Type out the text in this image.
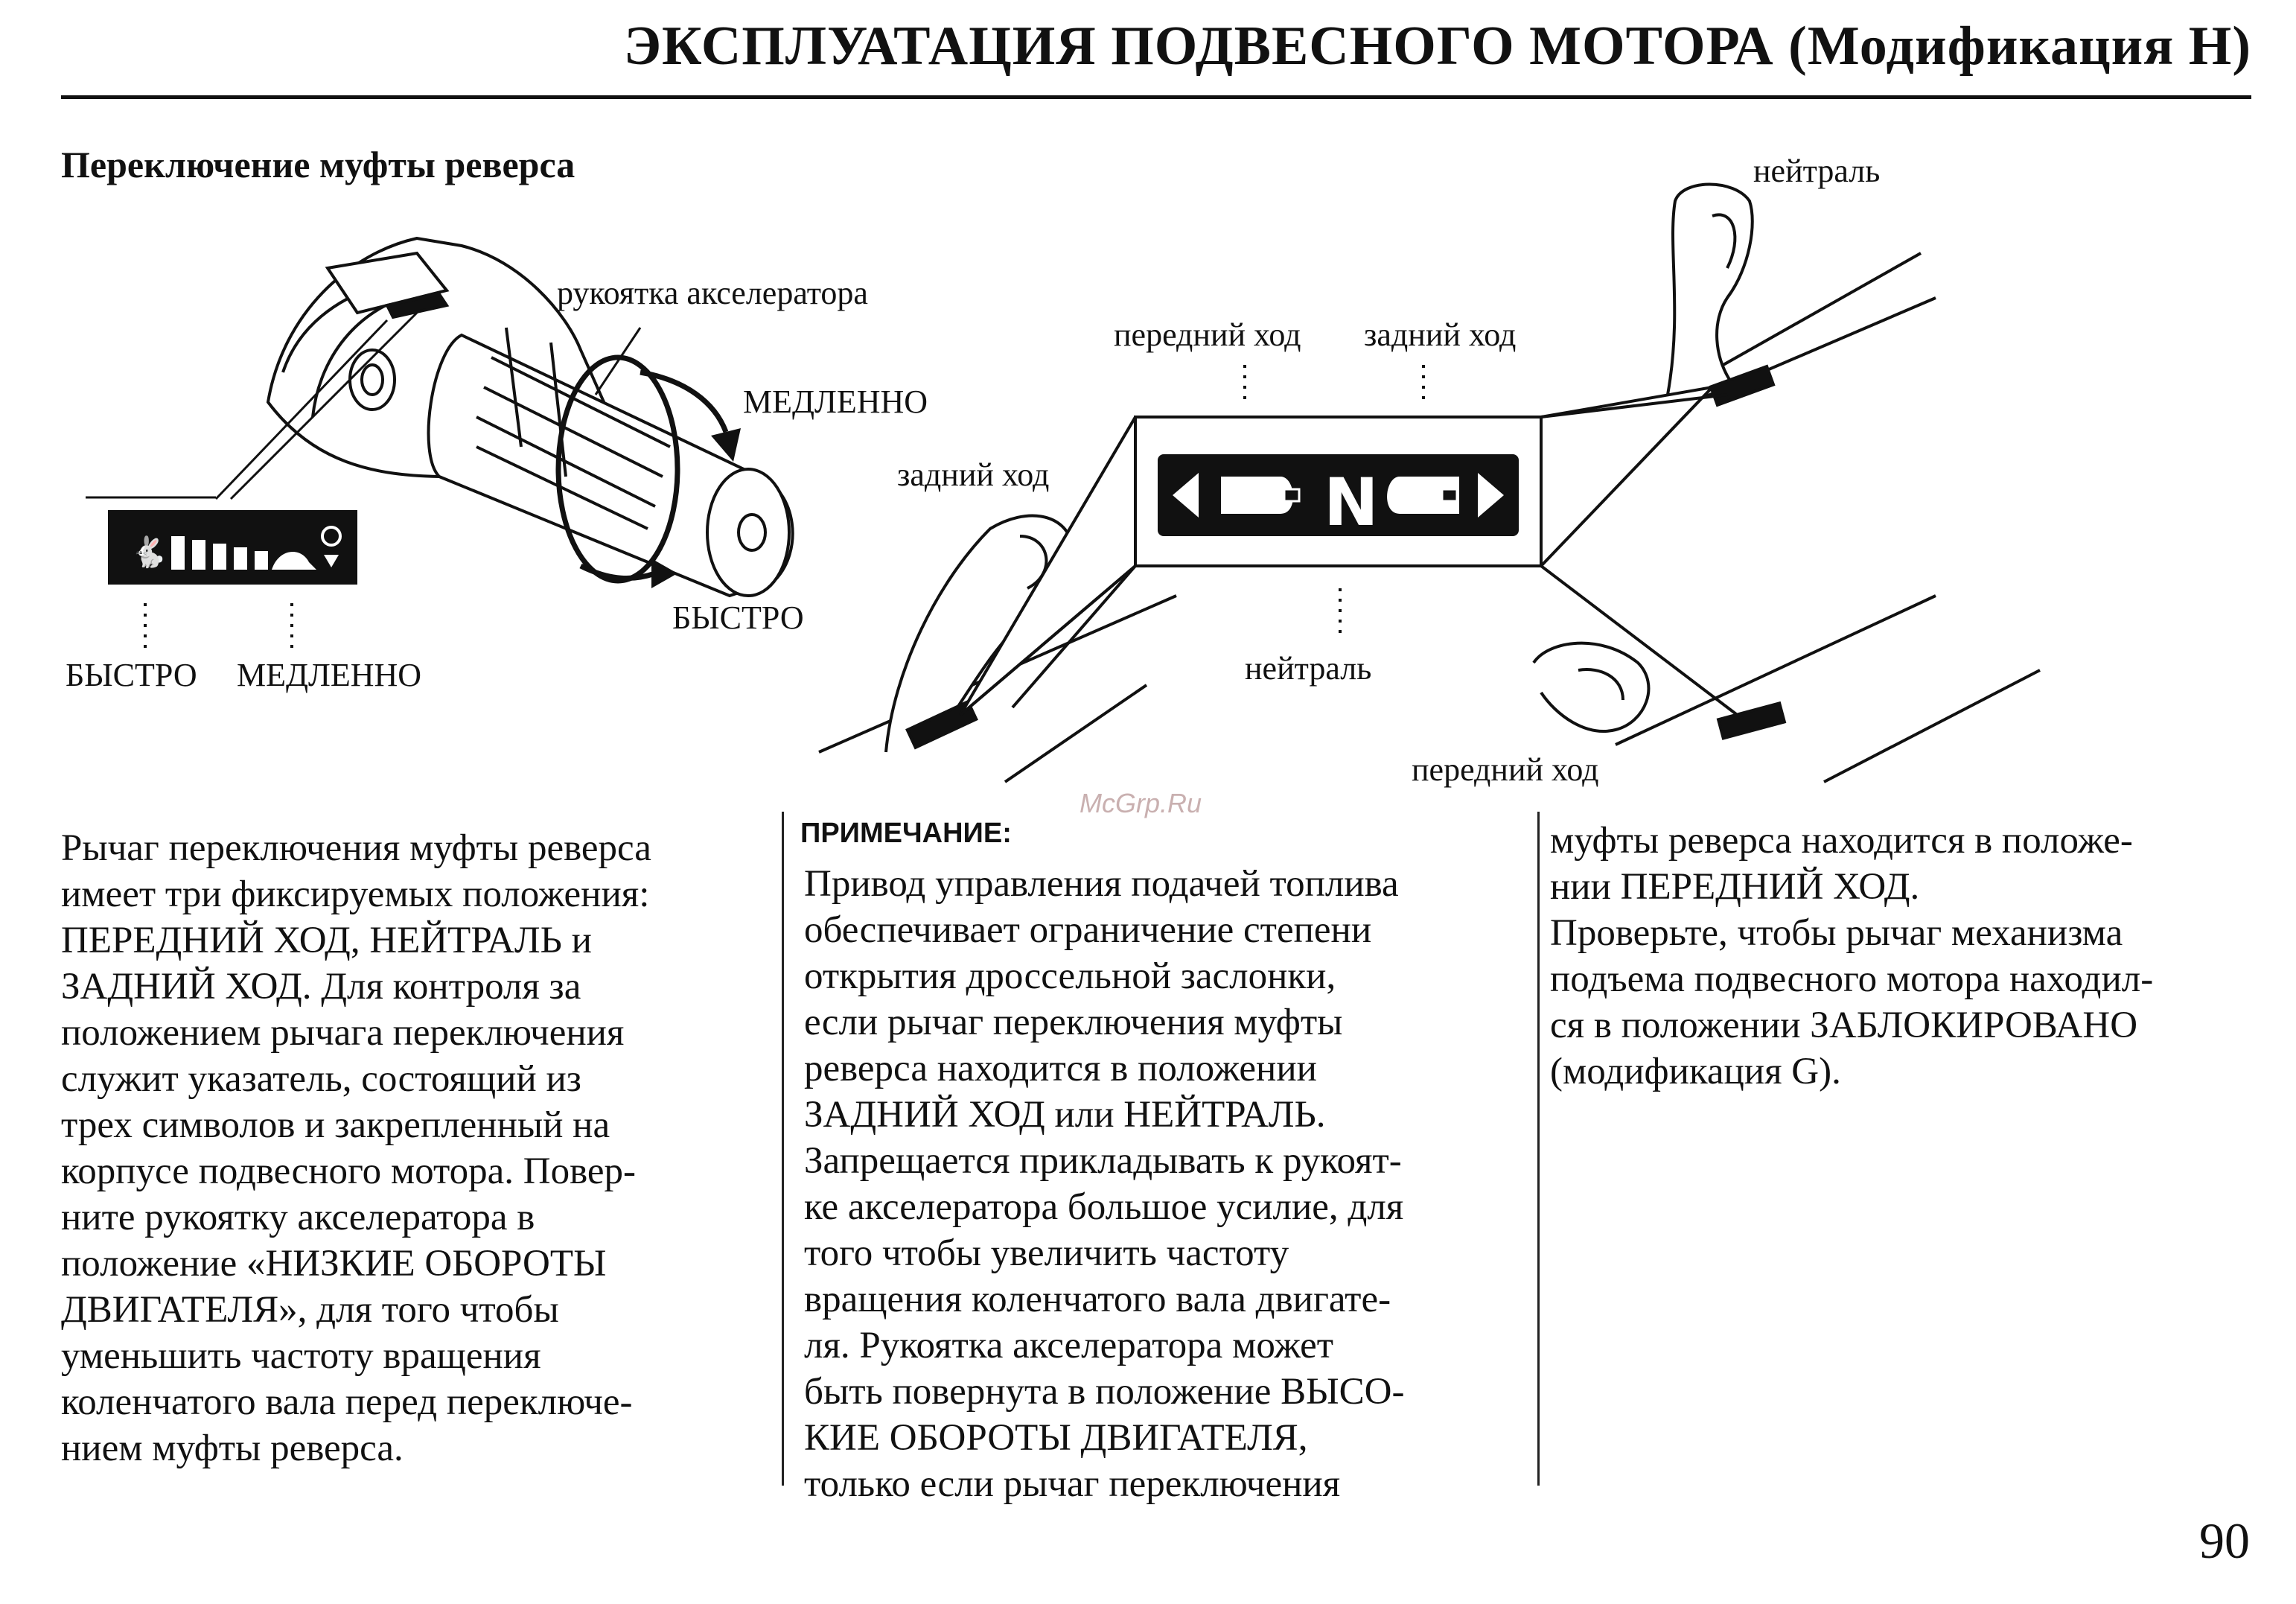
ЭКСПЛУАТАЦИЯ ПОДВЕСНОГО МОТОРА (Модификация H)
Переключение муфты реверса
🐇
N
рукоятка акселератора
МЕДЛЕННО
БЫСТРО
БЫСТРО МЕДЛЕННО
нейтраль
передний ход задний ход
задний ход
нейтраль
передний ход
McGrp.Ru
Рычаг переключения муфты реверса
имеет три фиксируемых положения:
ПЕРЕДНИЙ ХОД, НЕЙТРАЛЬ и
ЗАДНИЙ ХОД. Для контроля за
положением рычага переключения
служит указатель, состоящий из
трех символов и закрепленный на
корпусе подвесного мотора. Повер-
ните рукоятку акселератора в
положение «НИЗКИЕ ОБОРОТЫ
ДВИГАТЕЛЯ», для того чтобы
уменьшить частоту вращения
коленчатого вала перед переключе-
нием муфты реверса.
ПРИМЕЧАНИЕ:
Привод управления подачей топлива
обеспечивает ограничение степени
открытия дроссельной заслонки,
если рычаг переключения муфты
реверса находится в положении
ЗАДНИЙ ХОД или НЕЙТРАЛЬ.
Запрещается прикладывать к рукоят-
ке акселератора большое усилие, для
того чтобы увеличить частоту
вращения коленчатого вала двигате-
ля. Рукоятка акселератора может
быть повернута в положение ВЫСО-
КИЕ ОБОРОТЫ ДВИГАТЕЛЯ,
только если рычаг переключения
муфты реверса находится в положе-
нии ПЕРЕДНИЙ ХОД.
Проверьте, чтобы рычаг механизма
подъема подвесного мотора находил-
ся в положении ЗАБЛОКИРОВАНО
(модификация G).
90
